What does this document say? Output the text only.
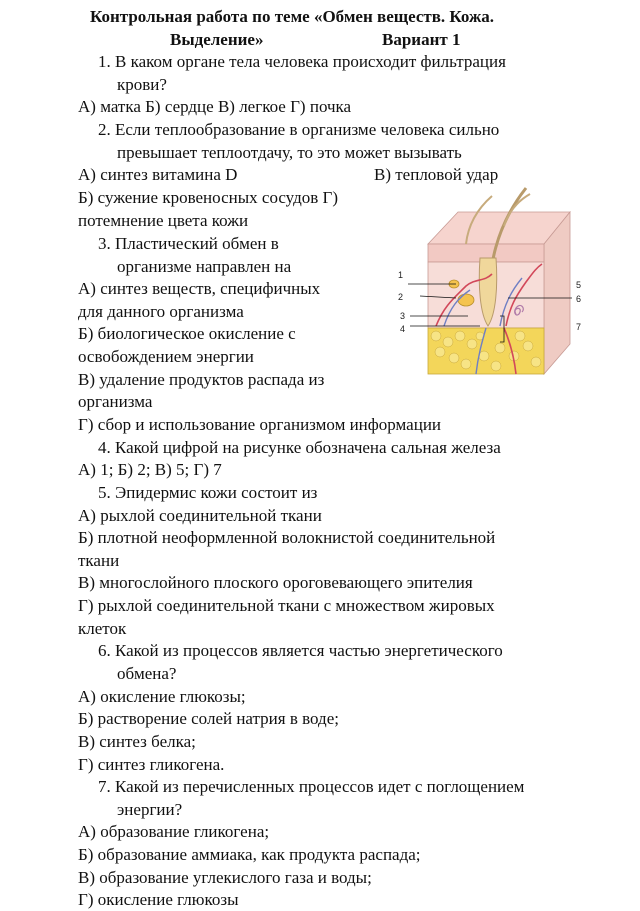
Контрольная работа по теме «Обмен веществ. Кожа.
Выделение»	Вариант 1
1. В каком органе тела человека происходит фильтрация
крови?
А) матка Б) сердце В) легкое Г) почка
2. Если теплообразование в организме человека сильно
превышает теплоотдачу, то это может вызывать
А) синтез витамина D	В) тепловой удар
Б) сужение кровеносных сосудов Г)
потемнение цвета кожи
3. Пластический обмен в
организме направлен на
А) синтез веществ, специфичных
для данного организма
Б) биологическое окисление с
освобождением энергии
В) удаление продуктов распада из
организма
Г) сбор и использование организмом информации
4. Какой цифрой на рисунке обозначена сальная железа
А) 1; Б) 2; В) 5; Г) 7
5. Эпидермис кожи состоит из
А) рыхлой соединительной ткани
Б) плотной неоформленной волокнистой соединительной
ткани
В) многослойного плоского ороговевающего эпителия
Г) рыхлой соединительной ткани с множеством жировых
клеток
6. Какой из процессов является частью энергетического
обмена?
А) окисление глюкозы;
Б) растворение солей натрия в воде;
В) синтез белка;
Г) синтез гликогена.
7. Какой из перечисленных процессов идет с поглощением
энергии?
А) образование гликогена;
Б) образование аммиака, как продукта распада;
В) образование углекислого газа и воды;
Г) окисление глюкозы
1
2
3
4
5
6
7
